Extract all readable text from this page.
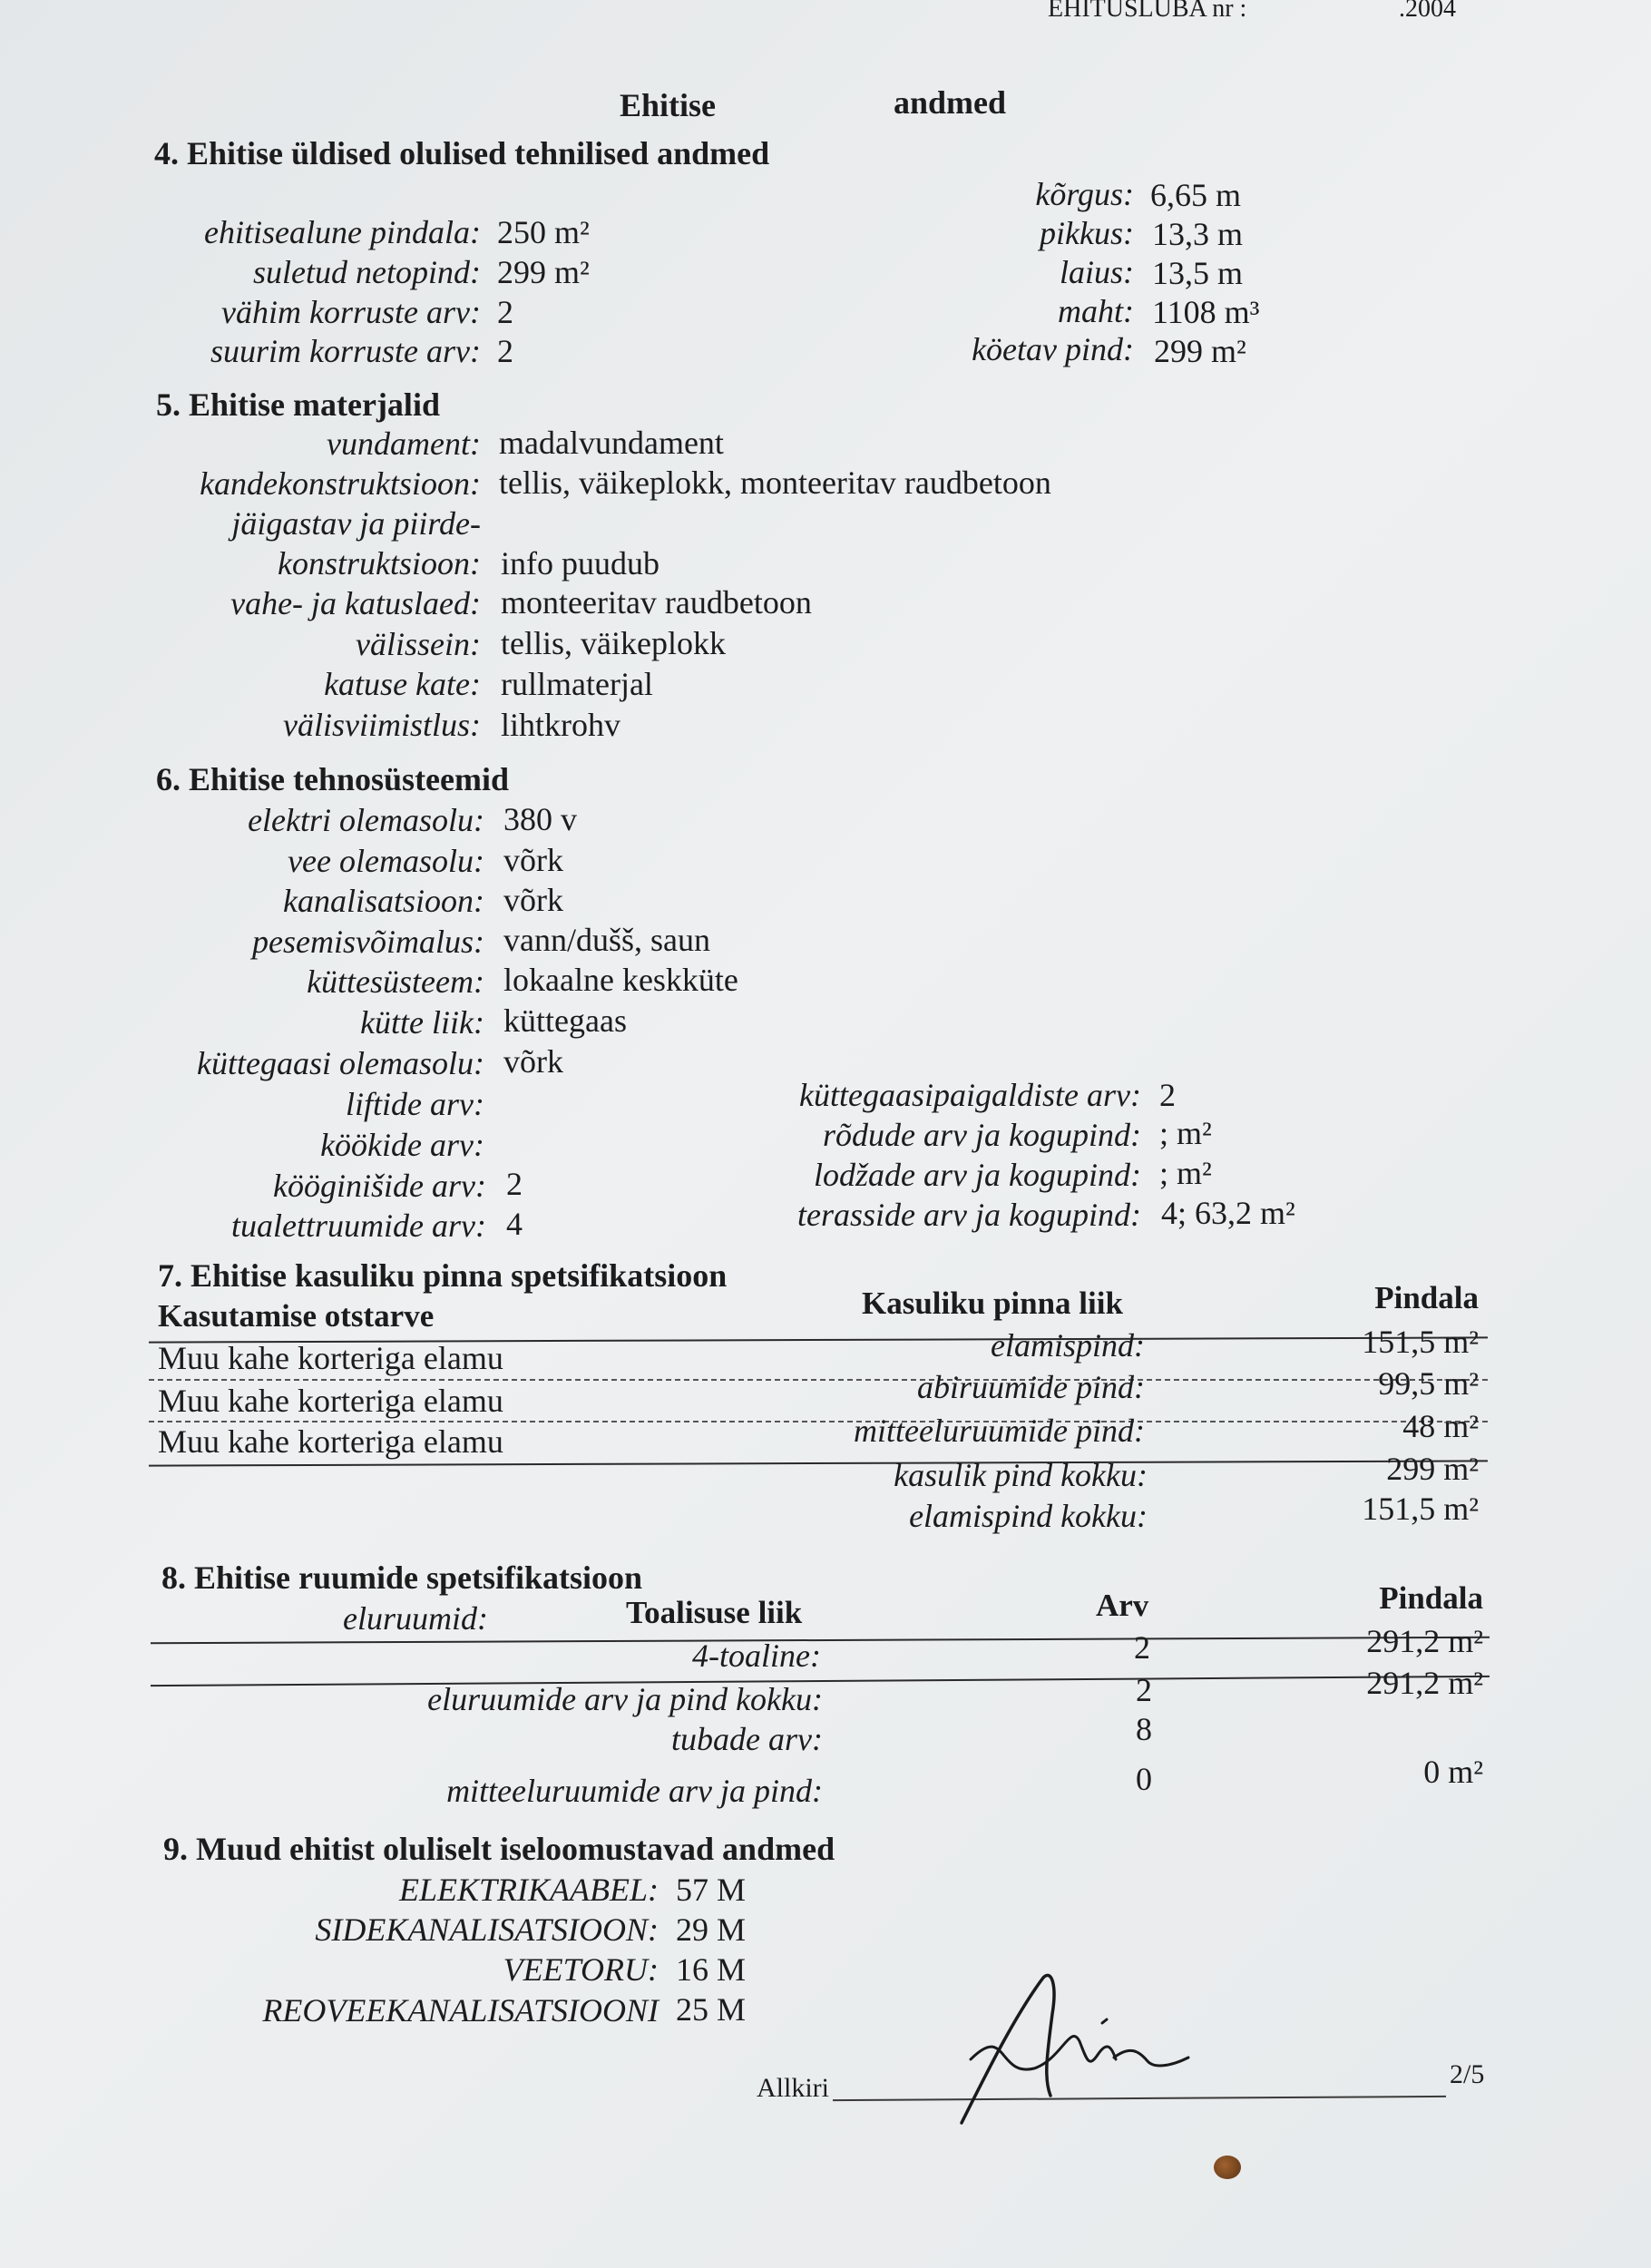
EHITUSLUBA nr :	.2004
Ehitise	andmed
4. Ehitise üldised olulised tehnilised andmed
ehitisealune pindala: 250 m²
suletud netopind: 299 m²
vähim korruste arv: 2
suurim korruste arv: 2
kõrgus: 6,65 m
pikkus: 13,3 m
laius: 13,5 m
maht: 1108 m³
köetav pind: 299 m²
5. Ehitise materjalid
vundament: madalvundament
kandekonstruktsioon: tellis, väikeplokk, monteeritav raudbetoon
jäigastav ja piirde-
konstruktsioon: info puudub
vahe- ja katuslaed: monteeritav raudbetoon
välissein: tellis, väikeplokk
katuse kate: rullmaterjal
välisviimistlus: lihtkrohv
6. Ehitise tehnosüsteemid
elektri olemasolu: 380 v
vee olemasolu: võrk
kanalisatsioon: võrk
pesemisvõimalus: vann/dušš, saun
küttesüsteem: lokaalne keskküte
kütte liik: küttegaas
küttegaasi olemasolu: võrk
liftide arv:
köökide arv:
kööginišide arv: 2
tualettruumide arv: 4
küttegaasipaigaldiste arv: 2
rõdude arv ja kogupind: ; m²
lodžade arv ja kogupind: ; m²
terasside arv ja kogupind: 4; 63,2 m²
7. Ehitise kasuliku pinna spetsifikatsioon
Kasutamise otstarve	Kasuliku pinna liik	Pindala
Muu kahe korteriga elamu	elamispind:	151,5 m²
Muu kahe korteriga elamu	abiruumide pind:	99,5 m²
Muu kahe korteriga elamu	mitteeluruumide pind:	48 m²
kasulik pind kokku:	299 m²
elamispind kokku:	151,5 m²
8. Ehitise ruumide spetsifikatsioon
eluruumid:	Toalisuse liik	Arv	Pindala
4-toaline:	2	291,2 m²
eluruumide arv ja pind kokku:	2	291,2 m²
tubade arv:	8
mitteeluruumide arv ja pind:	0	0 m²
9. Muud ehitist oluliselt iseloomustavad andmed
ELEKTRIKAABEL: 57 M
SIDEKANALISATSIOON: 29 M
VEETORU: 16 M
REOVEEKANALISATSIOONI 25 M
Allkiri	2/5
